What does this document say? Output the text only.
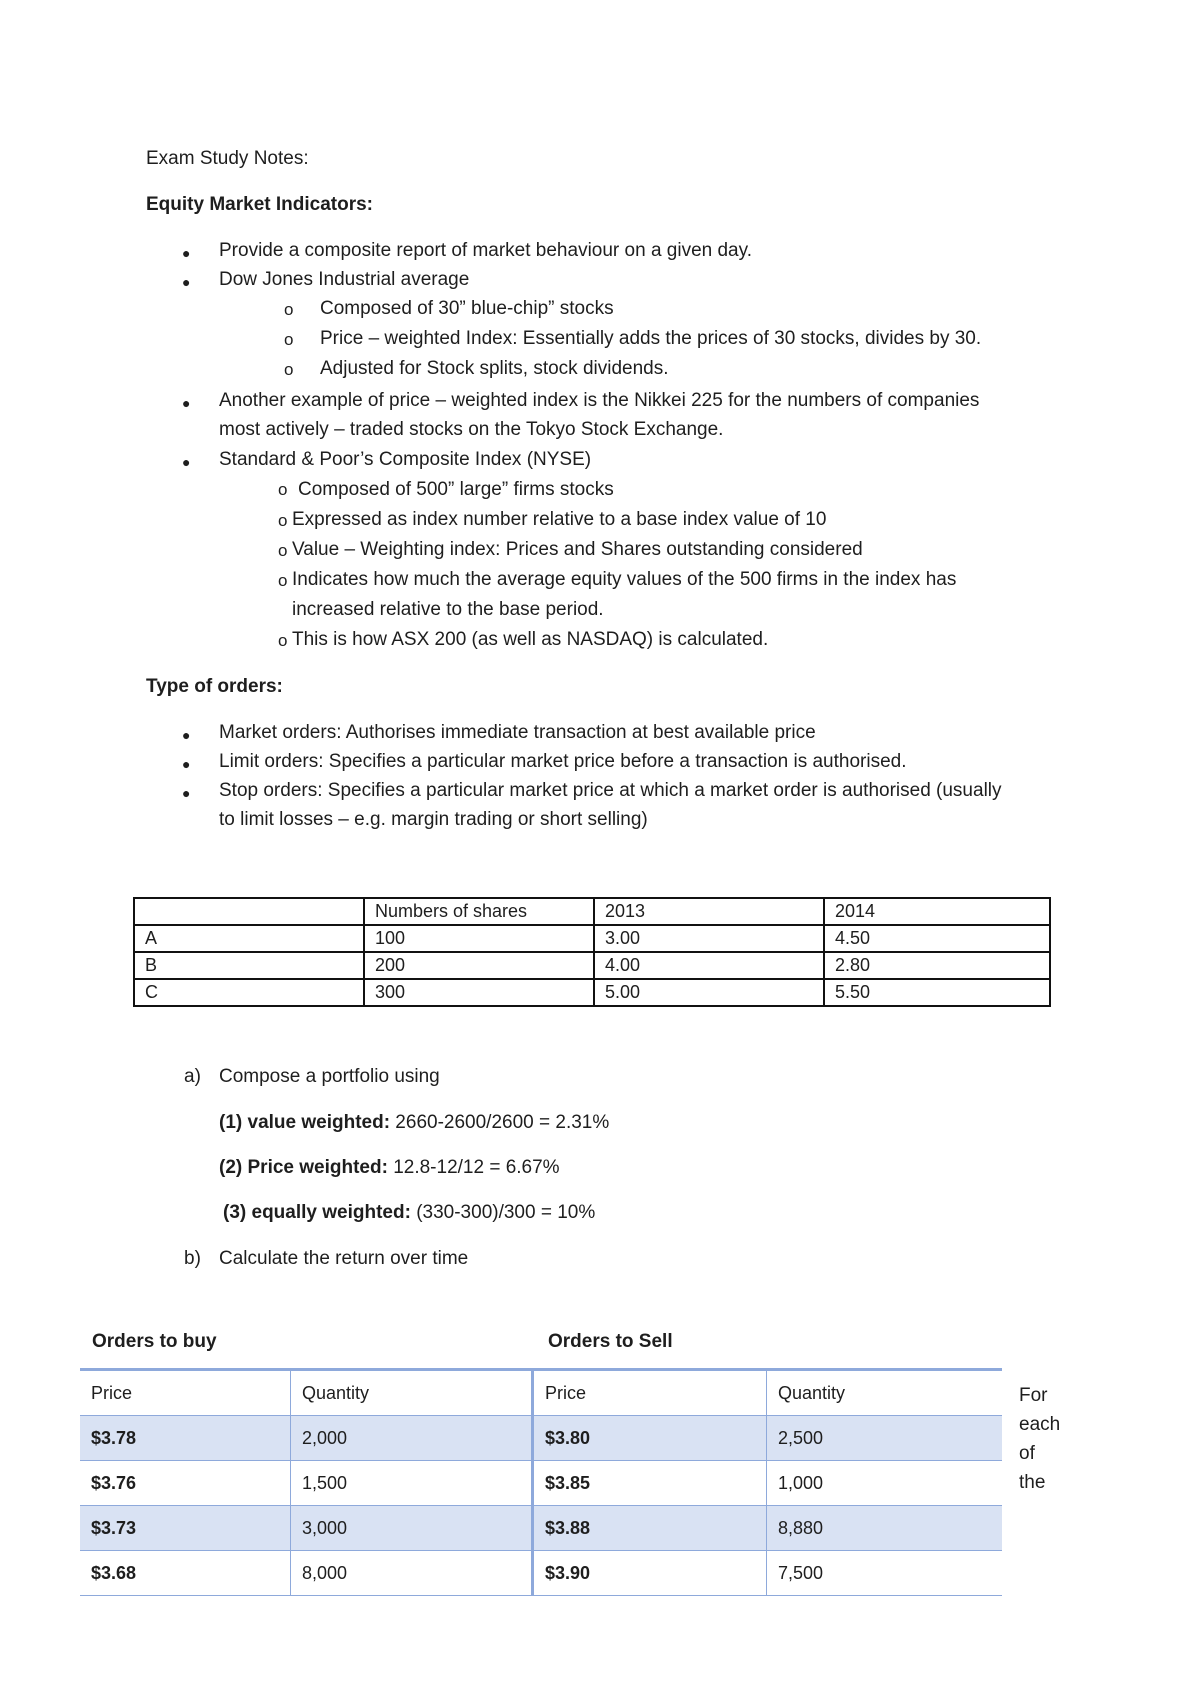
Exam Study Notes:
Equity Market Indicators:
● Provide a composite report of market behaviour on a given day.
● Dow Jones Industrial average
o Composed of 30” blue-chip” stocks
o Price – weighted Index: Essentially adds the prices of 30 stocks, divides by 30.
o Adjusted for Stock splits, stock dividends.
● Another example of price – weighted index is the Nikkei 225 for the numbers of companies
most actively – traded stocks on the Tokyo Stock Exchange.
● Standard & Poor’s Composite Index (NYSE)
o Composed of 500” large” firms stocks
o Expressed as index number relative to a base index value of 10
o Value – Weighting index: Prices and Shares outstanding considered
o Indicates how much the average equity values of the 500 firms in the index has
increased relative to the base period.
o This is how ASX 200 (as well as NASDAQ) is calculated.
Type of orders:
● Market orders: Authorises immediate transaction at best available price
● Limit orders: Specifies a particular market price before a transaction is authorised.
● Stop orders: Specifies a particular market price at which a market order is authorised (usually
to limit losses – e.g. margin trading or short selling)
	Numbers of shares	2013	2014
A	100	3.00	4.50
B	200	4.00	2.80
C	300	5.00	5.50
a) Compose a portfolio using
(1) value weighted: 2660-2600/2600 = 2.31%
(2) Price weighted: 12.8-12/12 = 6.67%
(3) equally weighted: (330-300)/300 = 10%
b) Calculate the return over time
Orders to buy	Orders to Sell
Price	Quantity	Price	Quantity
$3.78	2,000	$3.80	2,500
$3.76	1,500	$3.85	1,000
$3.73	3,000	$3.88	8,880
$3.68	8,000	$3.90	7,500
For
each
of
the
